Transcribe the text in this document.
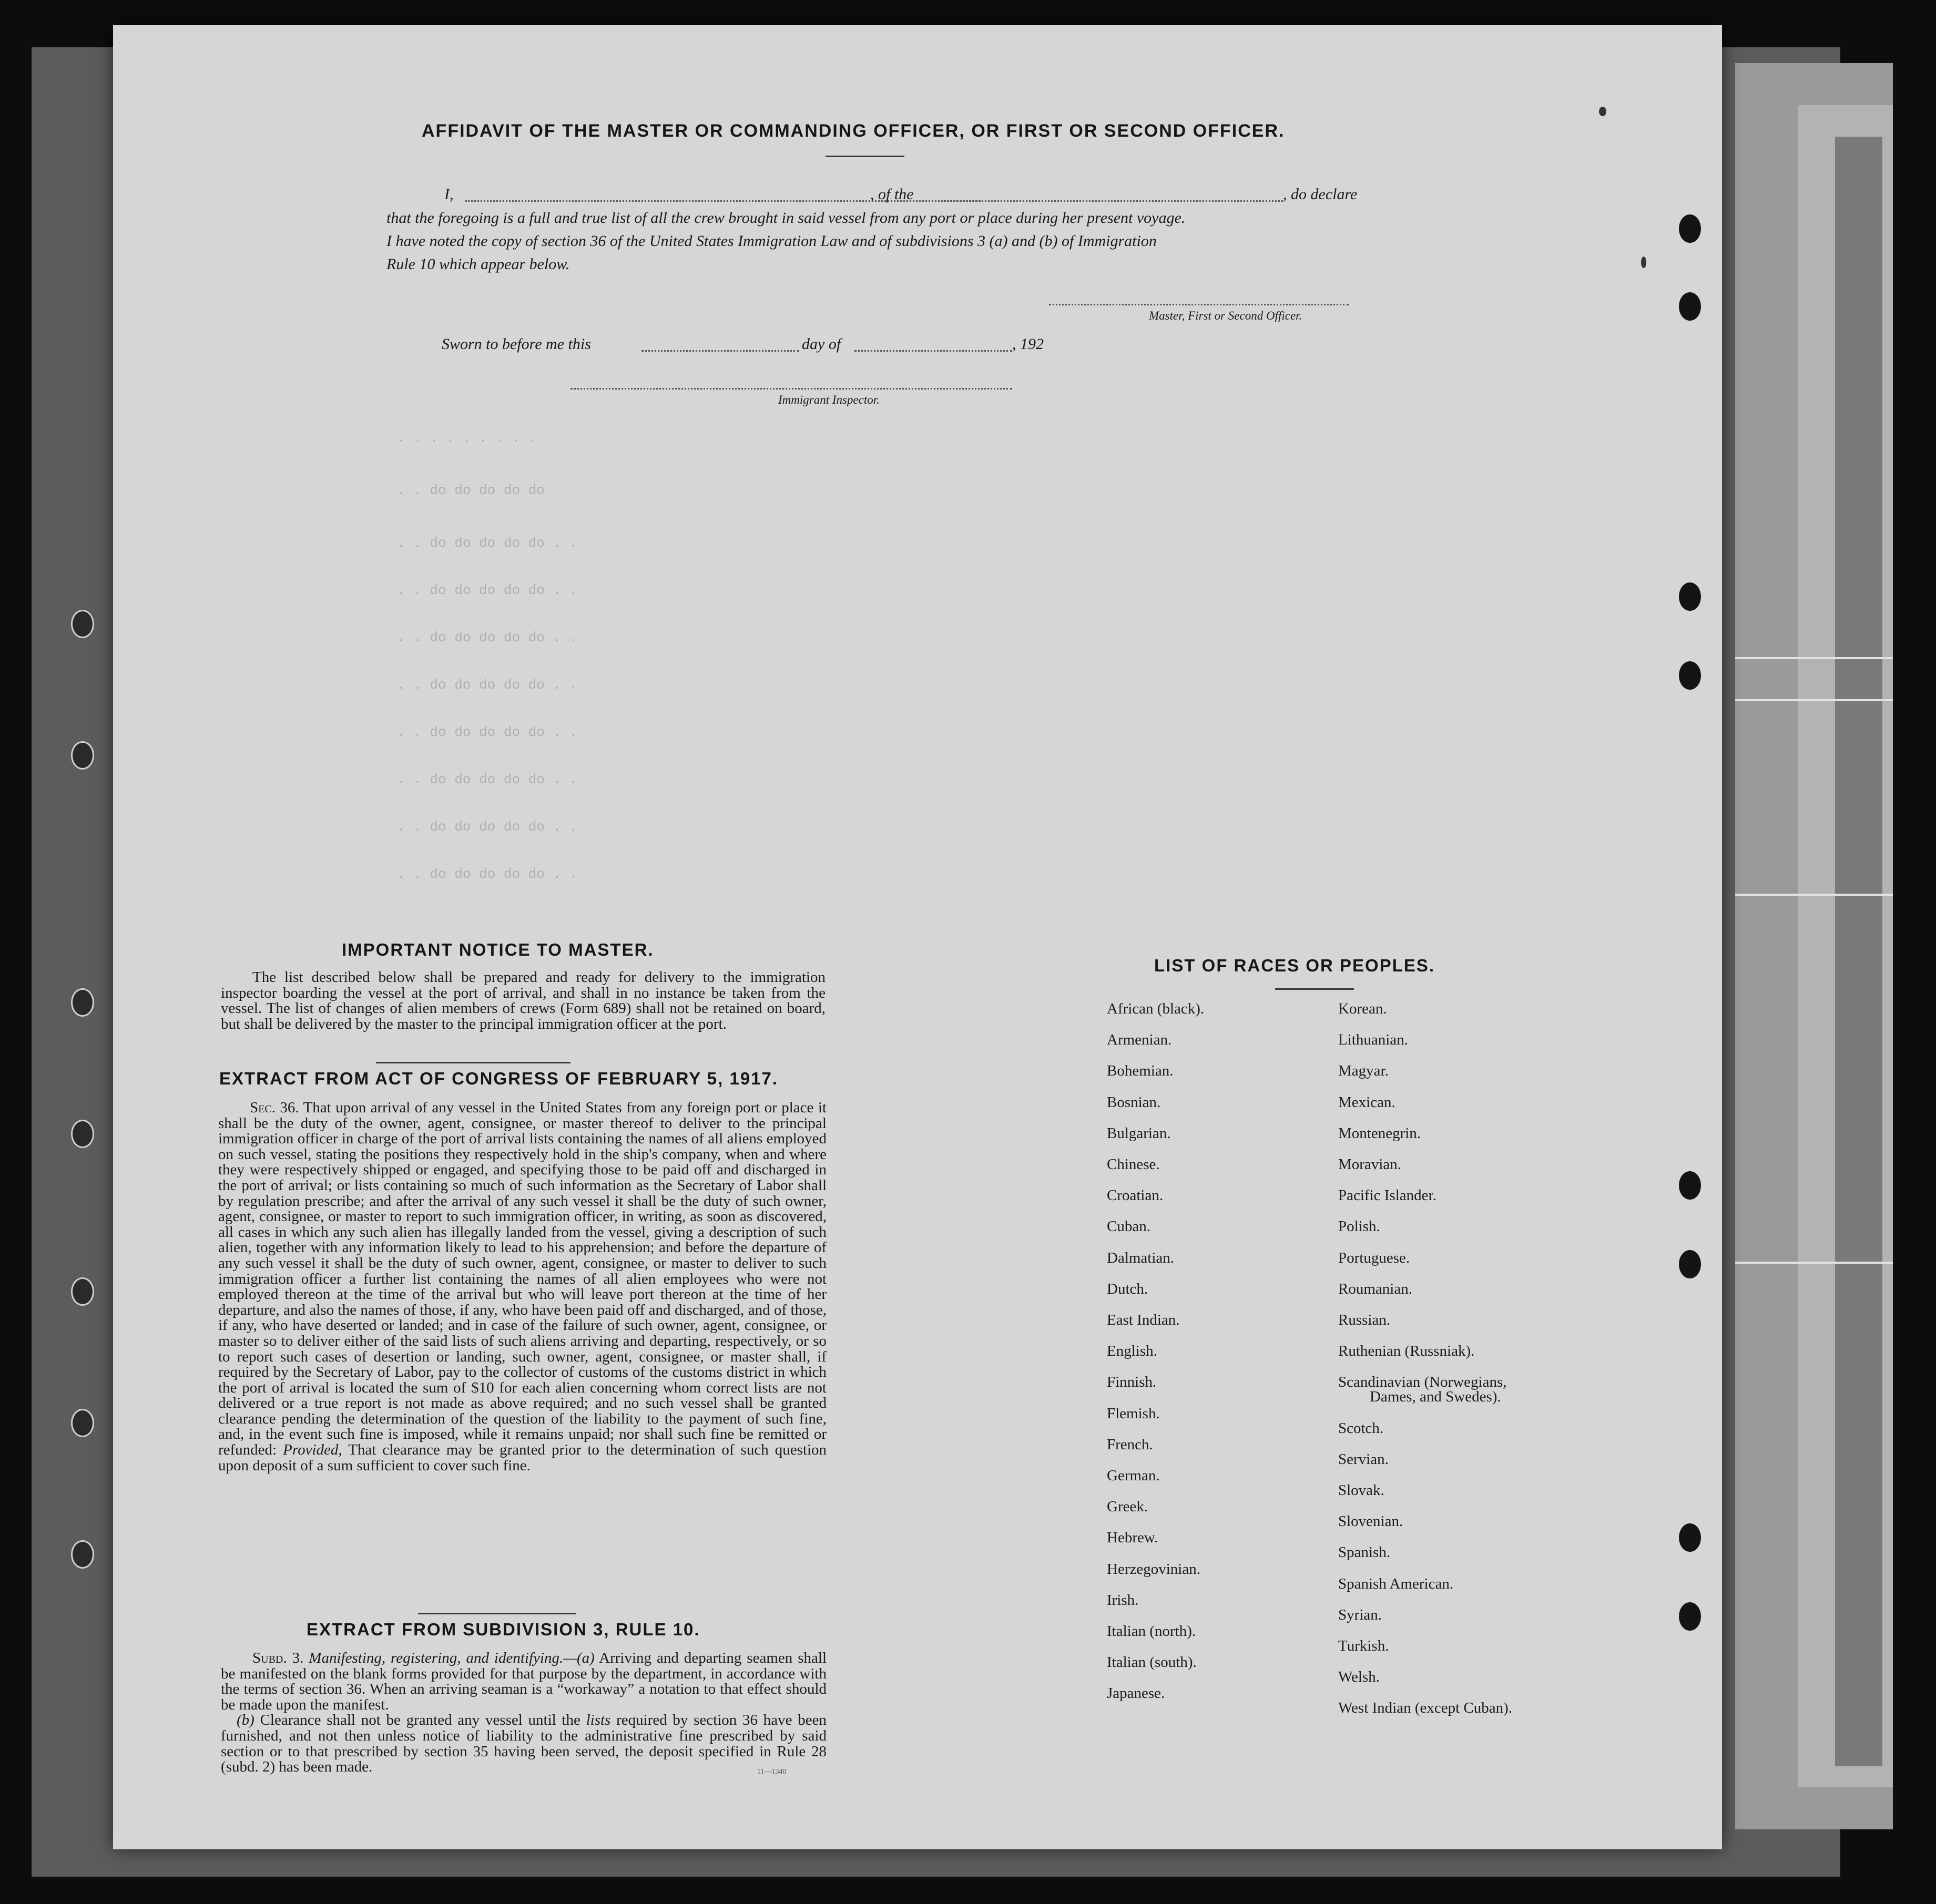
. . . . . . . . .
. . do do do do do
. . do do do do do . .
. . do do do do do . .
. . do do do do do . .
. . do do do do do . .
. . do do do do do . .
. . do do do do do . .
. . do do do do do . .
. . do do do do do . .
AFFIDAVIT OF THE MASTER OR COMMANDING OFFICER, OR FIRST OR SECOND OFFICER.
I,	, of the	, do declare
that the foregoing is a full and true list of all the crew brought in said vessel from any port or place during her present voyage.
I have noted the copy of section 36 of the United States Immigration Law and of subdivisions 3 (a) and (b) of Immigration
Rule 10 which appear below.
Master, First or Second Officer.
Sworn to before me this	day of	, 192
Immigrant Inspector.
IMPORTANT NOTICE TO MASTER.

The list described below shall be prepared and ready for delivery to the immigration inspector boarding the vessel at the port of arrival, and shall in no instance be taken from the vessel. The list of changes of alien members of crews (Form 689) shall not be retained on board, but shall be delivered by the master to the principal immigration officer at the port.

EXTRACT FROM ACT OF CONGRESS OF FEBRUARY 5, 1917.

Sec. 36. That upon arrival of any vessel in the United States from any foreign port or place it shall be the duty of the owner, agent, consignee, or master thereof to deliver to the principal immigration officer in charge of the port of arrival lists containing the names of all aliens employed on such vessel, stating the positions they respectively hold in the ship's company, when and where they were respectively shipped or engaged, and specifying those to be paid off and discharged in the port of arrival; or lists containing so much of such information as the Secretary of Labor shall by regulation prescribe; and after the arrival of any such vessel it shall be the duty of such owner, agent, consignee, or master to report to such immigration officer, in writing, as soon as discovered, all cases in which any such alien has illegally landed from the vessel, giving a description of such alien, together with any information likely to lead to his apprehension; and before the departure of any such vessel it shall be the duty of such owner, agent, consignee, or master to deliver to such immigration officer a further list containing the names of all alien employees who were not employed thereon at the time of the arrival but who will leave port thereon at the time of her departure, and also the names of those, if any, who have been paid off and discharged, and of those, if any, who have deserted or landed; and in case of the failure of such owner, agent, consignee, or master so to deliver either of the said lists of such aliens arriving and departing, respectively, or so to report such cases of desertion or landing, such owner, agent, consignee, or master shall, if required by the Secretary of Labor, pay to the collector of customs of the customs district in which the port of arrival is located the sum of $10 for each alien concerning whom correct lists are not delivered or a true report is not made as above required; and no such vessel shall be granted clearance pending the determination of the question of the liability to the payment of such fine, and, in the event such fine is imposed, while it remains unpaid; nor shall such fine be remitted or refunded: Provided, That clearance may be granted prior to the determination of such question upon deposit of a sum sufficient to cover such fine.

EXTRACT FROM SUBDIVISION 3, RULE 10.

Subd. 3. Manifesting, registering, and identifying.—(a) Arriving and departing seamen shall be manifested on the blank forms provided for that purpose by the department, in accordance with the terms of section 36. When an arriving seaman is a “workaway” a notation to that effect should be made upon the manifest.

(b) Clearance shall not be granted any vessel until the lists required by section 36 have been furnished, and not then unless notice of liability to the administrative fine prescribed by said section or to that prescribed by section 35 having been served, the deposit specified in Rule 28 (subd. 2) has been made.	11—1340
LIST OF RACES OR PEOPLES.
African (black).
Armenian.
Bohemian.
Bosnian.
Bulgarian.
Chinese.
Croatian.
Cuban.
Dalmatian.
Dutch.
East Indian.
English.
Finnish.
Flemish.
French.
German.
Greek.
Hebrew.
Herzegovinian.
Irish.
Italian (north).
Italian (south).
Japanese.
Korean.
Lithuanian.
Magyar.
Mexican.
Montenegrin.
Moravian.
Pacific Islander.
Polish.
Portuguese.
Roumanian.
Russian.
Ruthenian (Russniak).
Scandinavian (Norwegians,
Dames, and Swedes).
Scotch.
Servian.
Slovak.
Slovenian.
Spanish.
Spanish American.
Syrian.
Turkish.
Welsh.
West Indian (except Cuban).
